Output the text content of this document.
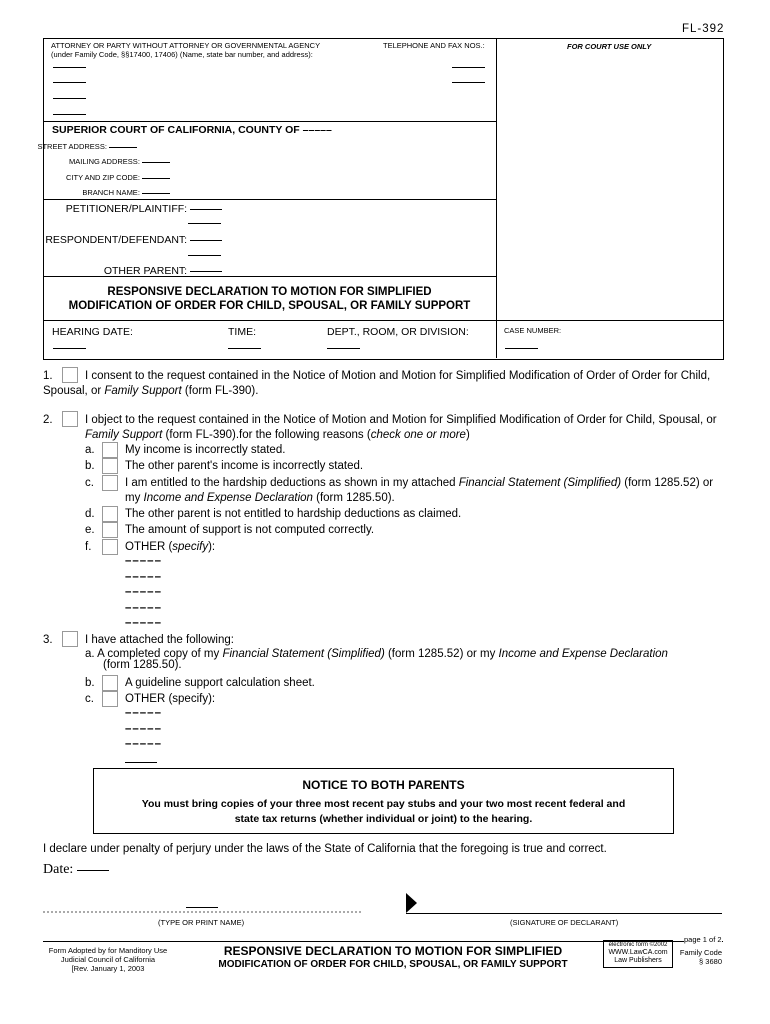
FL-392
ATTORNEY OR PARTY WITHOUT ATTORNEY OR GOVERNMENTAL AGENCY
(under Family Code, §§17400, 17406) (Name, state bar number, and address):
TELEPHONE AND FAX NOS.:	FOR COURT USE ONLY
SUPERIOR COURT OF CALIFORNIA, COUNTY OF –––––
STREET ADDRESS:
MAILING ADDRESS:
CITY AND ZIP CODE:
BRANCH NAME:
PETITIONER/PLAINTIFF:
RESPONDENT/DEFENDANT:
OTHER PARENT:
RESPONSIVE DECLARATION TO MOTION FOR SIMPLIFIED
MODIFICATION OF ORDER FOR CHILD, SPOUSAL, OR FAMILY SUPPORT
HEARING DATE:	TIME:	DEPT., ROOM, OR DIVISION:	CASE NUMBER:
1.	I consent to the request contained in the Notice of Motion and Motion for Simplified Modification of Order of Order for Child,
Spousal, or Family Support (form FL-390).
2.	I object to the request contained in the Notice of Motion and Motion for Simplified Modification of Order for Child, Spousal, or
Family Support (form FL-390).for the following reasons (check one or more)
a.	My income is incorrectly stated.
b.	The other parent's income is incorrectly stated.
c.	I am entitled to the hardship deductions as shown in my attached Financial Statement (Simplified) (form 1285.52) or
my Income and Expense Declaration (form 1285.50).
d.	The other parent is not entitled to hardship deductions as claimed.
e.	The amount of support is not computed correctly.
f.	OTHER (specify):
–––––
–––––
–––––
–––––
–––––
3.	I have attached the following:
a. A completed copy of my Financial Statement (Simplified) (form 1285.52) or my Income and Expense Declaration
(form 1285.50).
b.	A guideline support calculation sheet.
c.	OTHER (specify):
–––––
–––––
–––––
NOTICE TO BOTH PARENTS
You must bring copies of your three most recent pay stubs and your two most recent federal and
state tax returns (whether individual or joint) to the hearing.
I declare under penalty of perjury under the laws of the State of California that the foregoing is true and correct.
Date:
(TYPE OR PRINT NAME)	(SIGNATURE OF DECLARANT)
page 1 of 2
Form Adopted by for Manditory Use
Judicial Council of California
[Rev. January 1, 2003
RESPONSIVE DECLARATION TO MOTION FOR SIMPLIFIED
MODIFICATION OF ORDER FOR CHILD, SPOUSAL, OR FAMILY SUPPORT
electronic form ©2002
WWW.LawCA.com
Law Publishers
Family Code
§ 3680
